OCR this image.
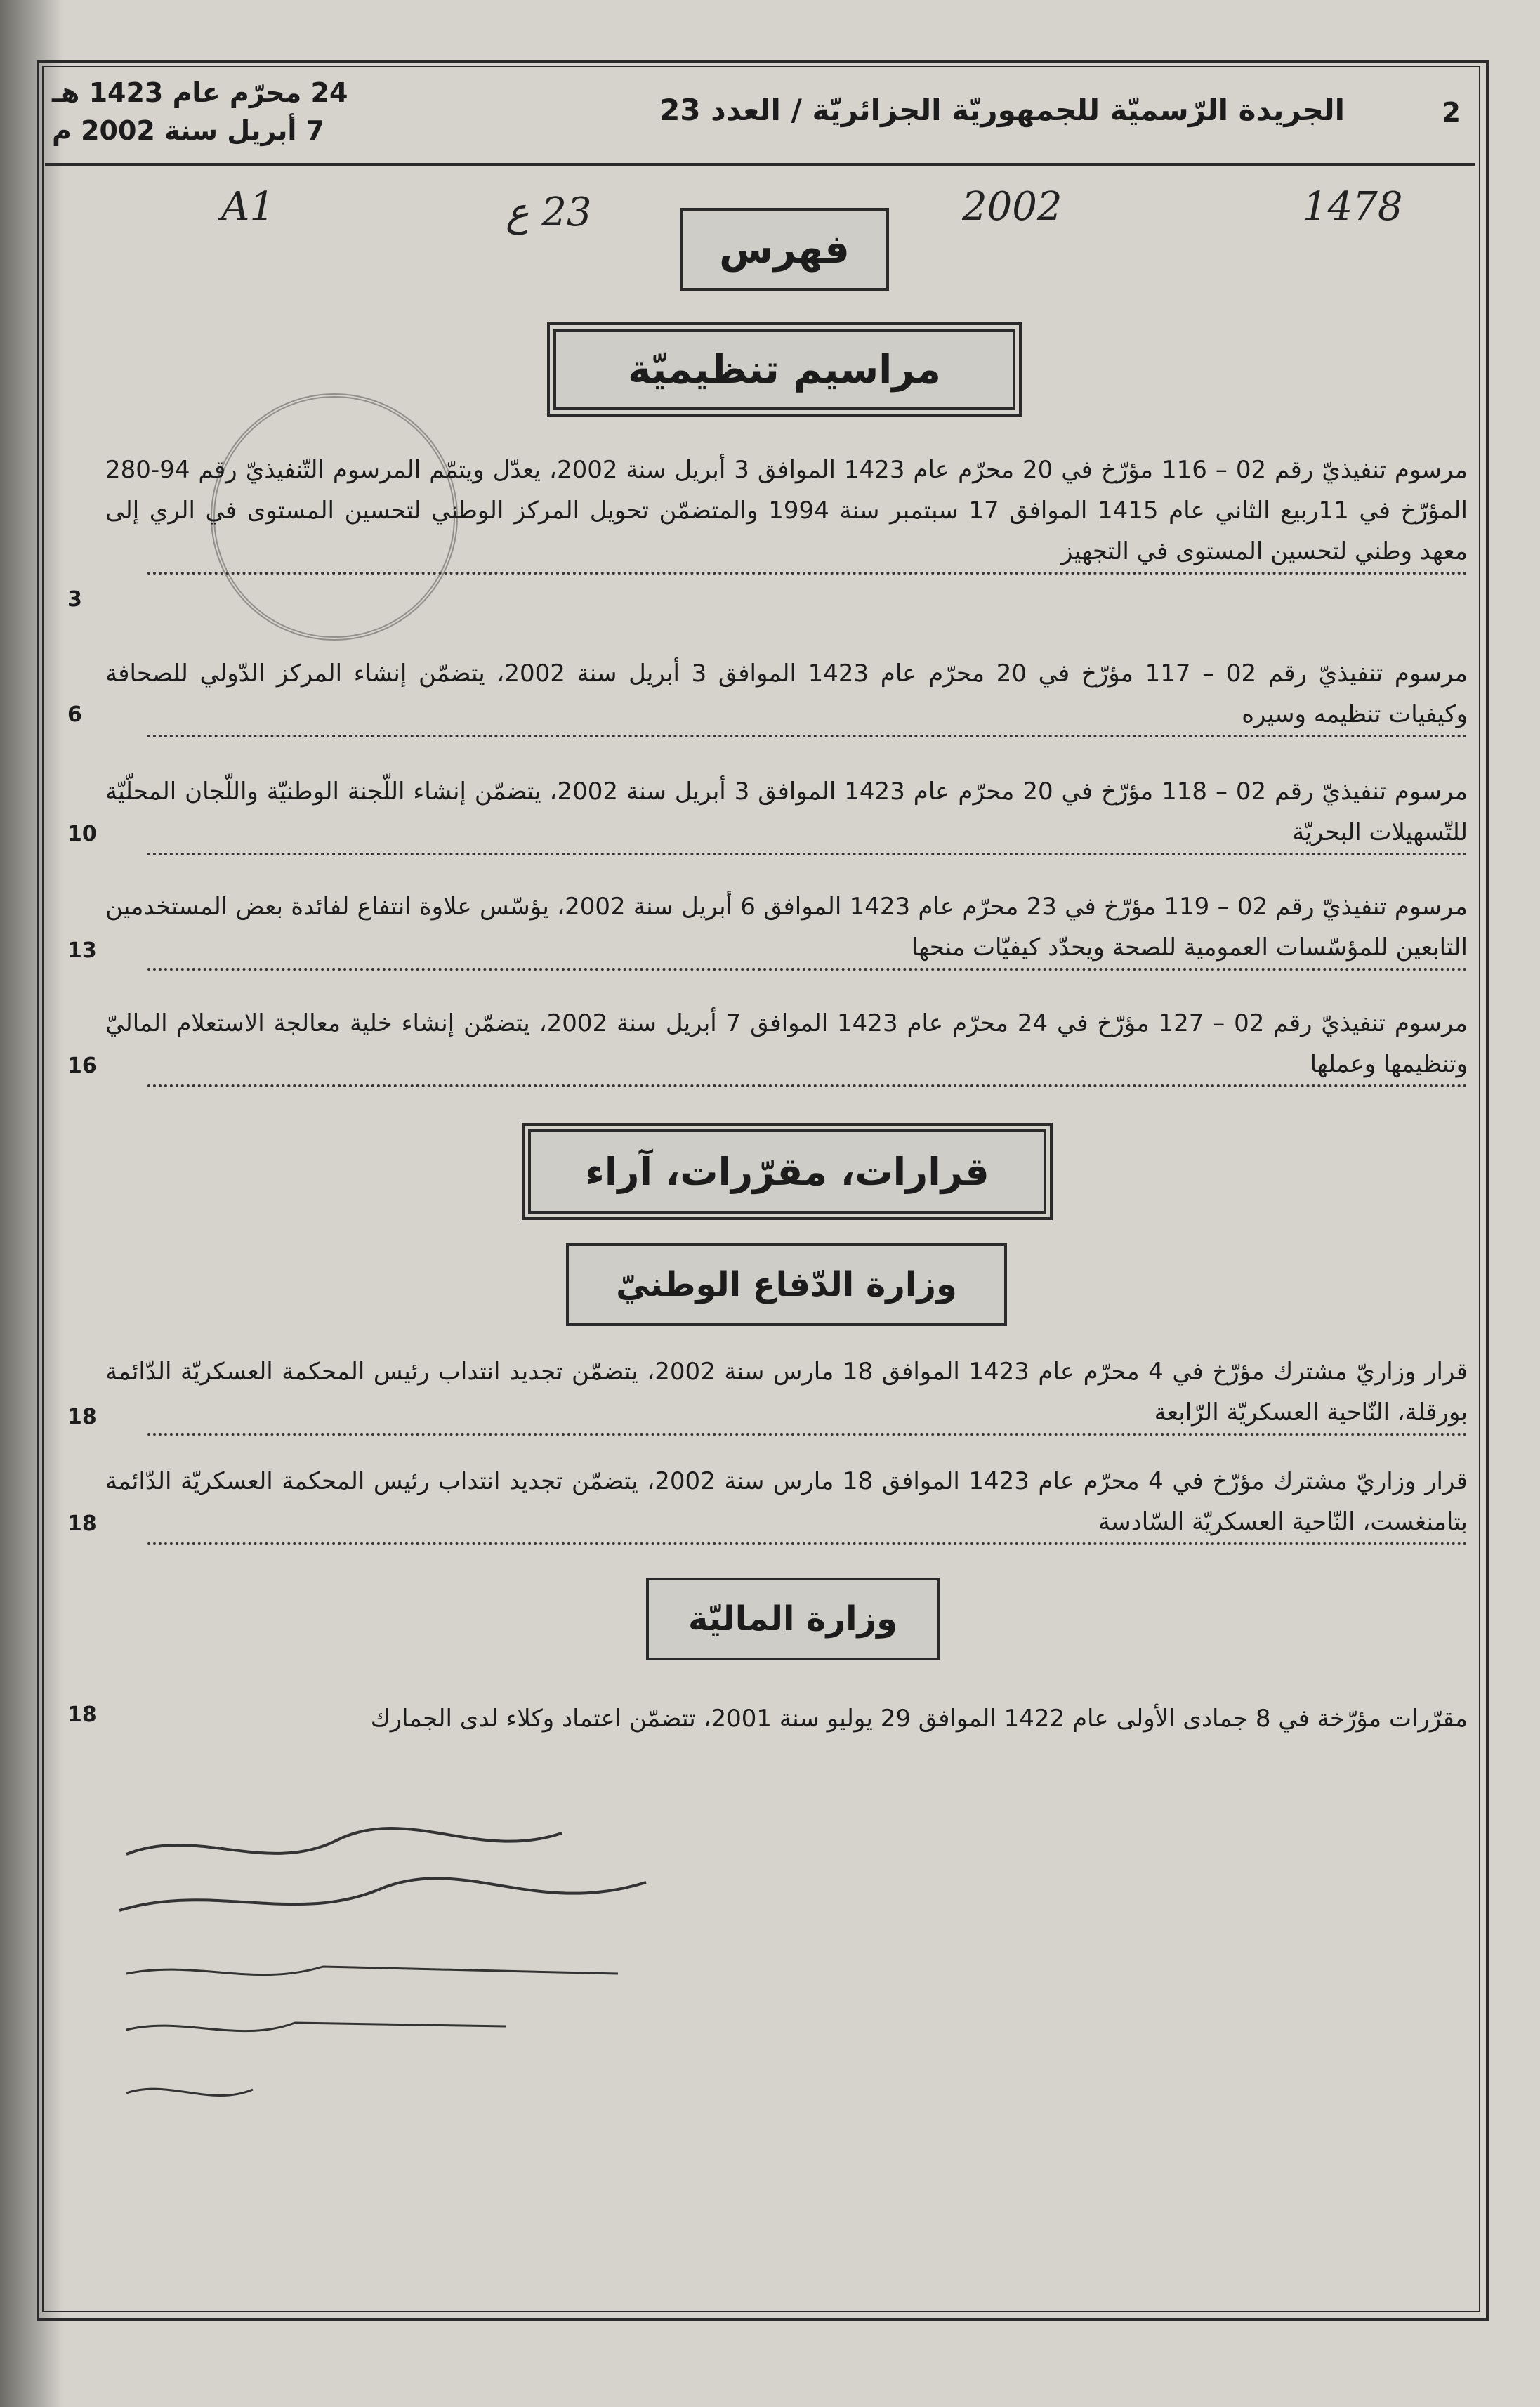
2
الجريدة الرّسميّة للجمهوريّة الجزائريّة / العدد 23
24 محرّم عام 1423 هـ
7 أبريل سنة 2002 م
A1	23 ع	2002	1478
فهرس
مراسيم تنظيميّة
مرسوم تنفيذيّ رقم 02 – 116 مؤرّخ في 20 محرّم عام 1423 الموافق 3 أبريل سنة 2002، يعدّل ويتمّم المرسوم التّنفيذيّ رقم 94-280 المؤرّخ في 11ربيع الثاني عام 1415 الموافق 17 سبتمبر سنة 1994 والمتضمّن تحويل المركز الوطني لتحسين المستوى في الري إلى معهد وطني لتحسين المستوى في التجهيز
3
مرسوم تنفيذيّ رقم 02 – 117 مؤرّخ في 20 محرّم عام 1423 الموافق 3 أبريل سنة 2002، يتضمّن إنشاء المركز الدّولي للصحافة وكيفيات تنظيمه وسيره
6
مرسوم تنفيذيّ رقم 02 – 118 مؤرّخ في 20 محرّم عام 1423 الموافق 3 أبريل سنة 2002، يتضمّن إنشاء اللّجنة الوطنيّة واللّجان المحلّيّة للتّسهيلات البحريّة
10
مرسوم تنفيذيّ رقم 02 – 119 مؤرّخ في 23 محرّم عام 1423 الموافق 6 أبريل سنة 2002، يؤسّس علاوة انتفاع لفائدة بعض المستخدمين التابعين للمؤسّسات العمومية للصحة ويحدّد كيفيّات منحها
13
مرسوم تنفيذيّ رقم 02 – 127 مؤرّخ في 24 محرّم عام 1423 الموافق 7 أبريل سنة 2002، يتضمّن إنشاء خلية معالجة الاستعلام الماليّ وتنظيمها وعملها
16
قرارات، مقرّرات، آراء
وزارة الدّفاع الوطنيّ
قرار وزاريّ مشترك مؤرّخ في 4 محرّم عام 1423 الموافق 18 مارس سنة 2002، يتضمّن تجديد انتداب رئيس المحكمة العسكريّة الدّائمة بورقلة، النّاحية العسكريّة الرّابعة
18
قرار وزاريّ مشترك مؤرّخ في 4 محرّم عام 1423 الموافق 18 مارس سنة 2002، يتضمّن تجديد انتداب رئيس المحكمة العسكريّة الدّائمة بتامنغست، النّاحية العسكريّة السّادسة
18
وزارة الماليّة
مقرّرات مؤرّخة في 8 جمادى الأولى عام 1422 الموافق 29 يوليو سنة 2001، تتضمّن اعتماد وكلاء لدى الجمارك
18
